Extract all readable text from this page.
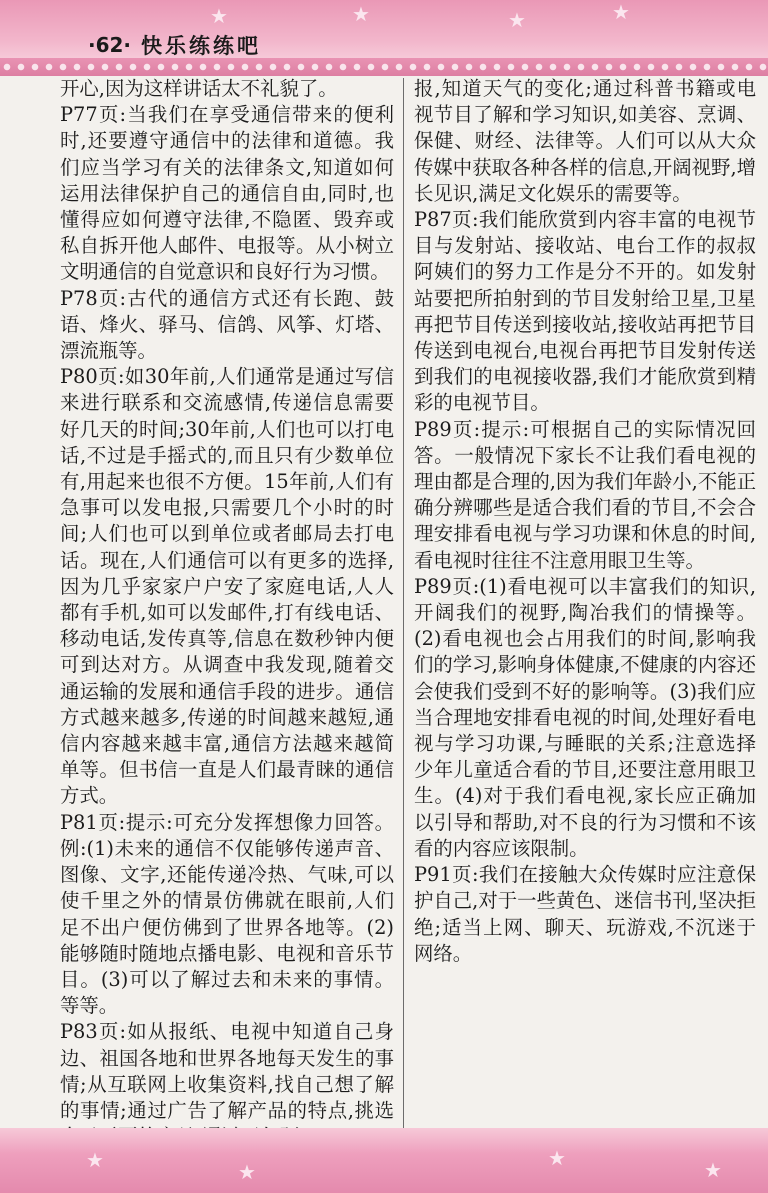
★	★	★	★
·62· 快乐练练吧

开心,因为这样讲话太不礼貌了。

P77页:当我们在享受通信带来的便利时,还要遵守通信中的法律和道德。我们应当学习有关的法律条文,知道如何运用法律保护自己的通信自由,同时,也懂得应如何遵守法律,不隐匿、毁弃或私自拆开他人邮件、电报等。从小树立文明通信的自觉意识和良好行为习惯。

P78页:古代的通信方式还有长跑、鼓语、烽火、驿马、信鸽、风筝、灯塔、漂流瓶等。

P80页:如30年前,人们通常是通过写信来进行联系和交流感情,传递信息需要好几天的时间;30年前,人们也可以打电话,不过是手摇式的,而且只有少数单位有,用起来也很不方便。15年前,人们有急事可以发电报,只需要几个小时的时间;人们也可以到单位或者邮局去打电话。现在,人们通信可以有更多的选择,因为几乎家家户户安了家庭电话,人人都有手机,如可以发邮件,打有线电话、移动电话,发传真等,信息在数秒钟内便可到达对方。从调查中我发现,随着交通运输的发展和通信手段的进步。通信方式越来越多,传递的时间越来越短,通信内容越来越丰富,通信方法越来越简单等。但书信一直是人们最青睐的通信方式。

P81页:提示:可充分发挥想像力回答。例:(1)未来的通信不仅能够传递声音、图像、文字,还能传递冷热、气味,可以使千里之外的情景仿佛就在眼前,人们足不出户便仿佛到了世界各地等。(2)能够随时随地点播电影、电视和音乐节目。(3)可以了解过去和未来的事情。等等。

P83页:如从报纸、电视中知道自己身边、祖国各地和世界各地每天发生的事情;从互联网上收集资料,找自己想了解的事情;通过广告了解产品的特点,挑选

报,知道天气的变化;通过科普书籍或电视节目了解和学习知识,如美容、烹调、保健、财经、法律等。人们可以从大众传媒中获取各种各样的信息,开阔视野,增长见识,满足文化娱乐的需要等。

P87页:我们能欣赏到内容丰富的电视节目与发射站、接收站、电台工作的叔叔阿姨们的努力工作是分不开的。如发射站要把所拍射到的节目发射给卫星,卫星再把节目传送到接收站,接收站再把节目传送到电视台,电视台再把节目发射传送到我们的电视接收器,我们才能欣赏到精彩的电视节目。

P89页:提示:可根据自己的实际情况回答。一般情况下家长不让我们看电视的理由都是合理的,因为我们年龄小,不能正确分辨哪些是适合我们看的节目,不会合理安排看电视与学习功课和休息的时间,看电视时往往不注意用眼卫生等。

P89页:(1)看电视可以丰富我们的知识,开阔我们的视野,陶冶我们的情操等。(2)看电视也会占用我们的时间,影响我们的学习,影响身体健康,不健康的内容还会使我们受到不好的影响等。(3)我们应当合理地安排看电视的时间,处理好看电视与学习功课,与睡眠的关系;注意选择少年儿童适合看的节目,还要注意用眼卫生。(4)对于我们看电视,家长应正确加以引导和帮助,对不良的行为习惯和不该看的内容应该限制。

P91页:我们在接触大众传媒时应注意保护自己,对于一些黄色、迷信书刊,坚决拒绝;适当上网、聊天、玩游戏,不沉迷于网络。

★	★
★	★
